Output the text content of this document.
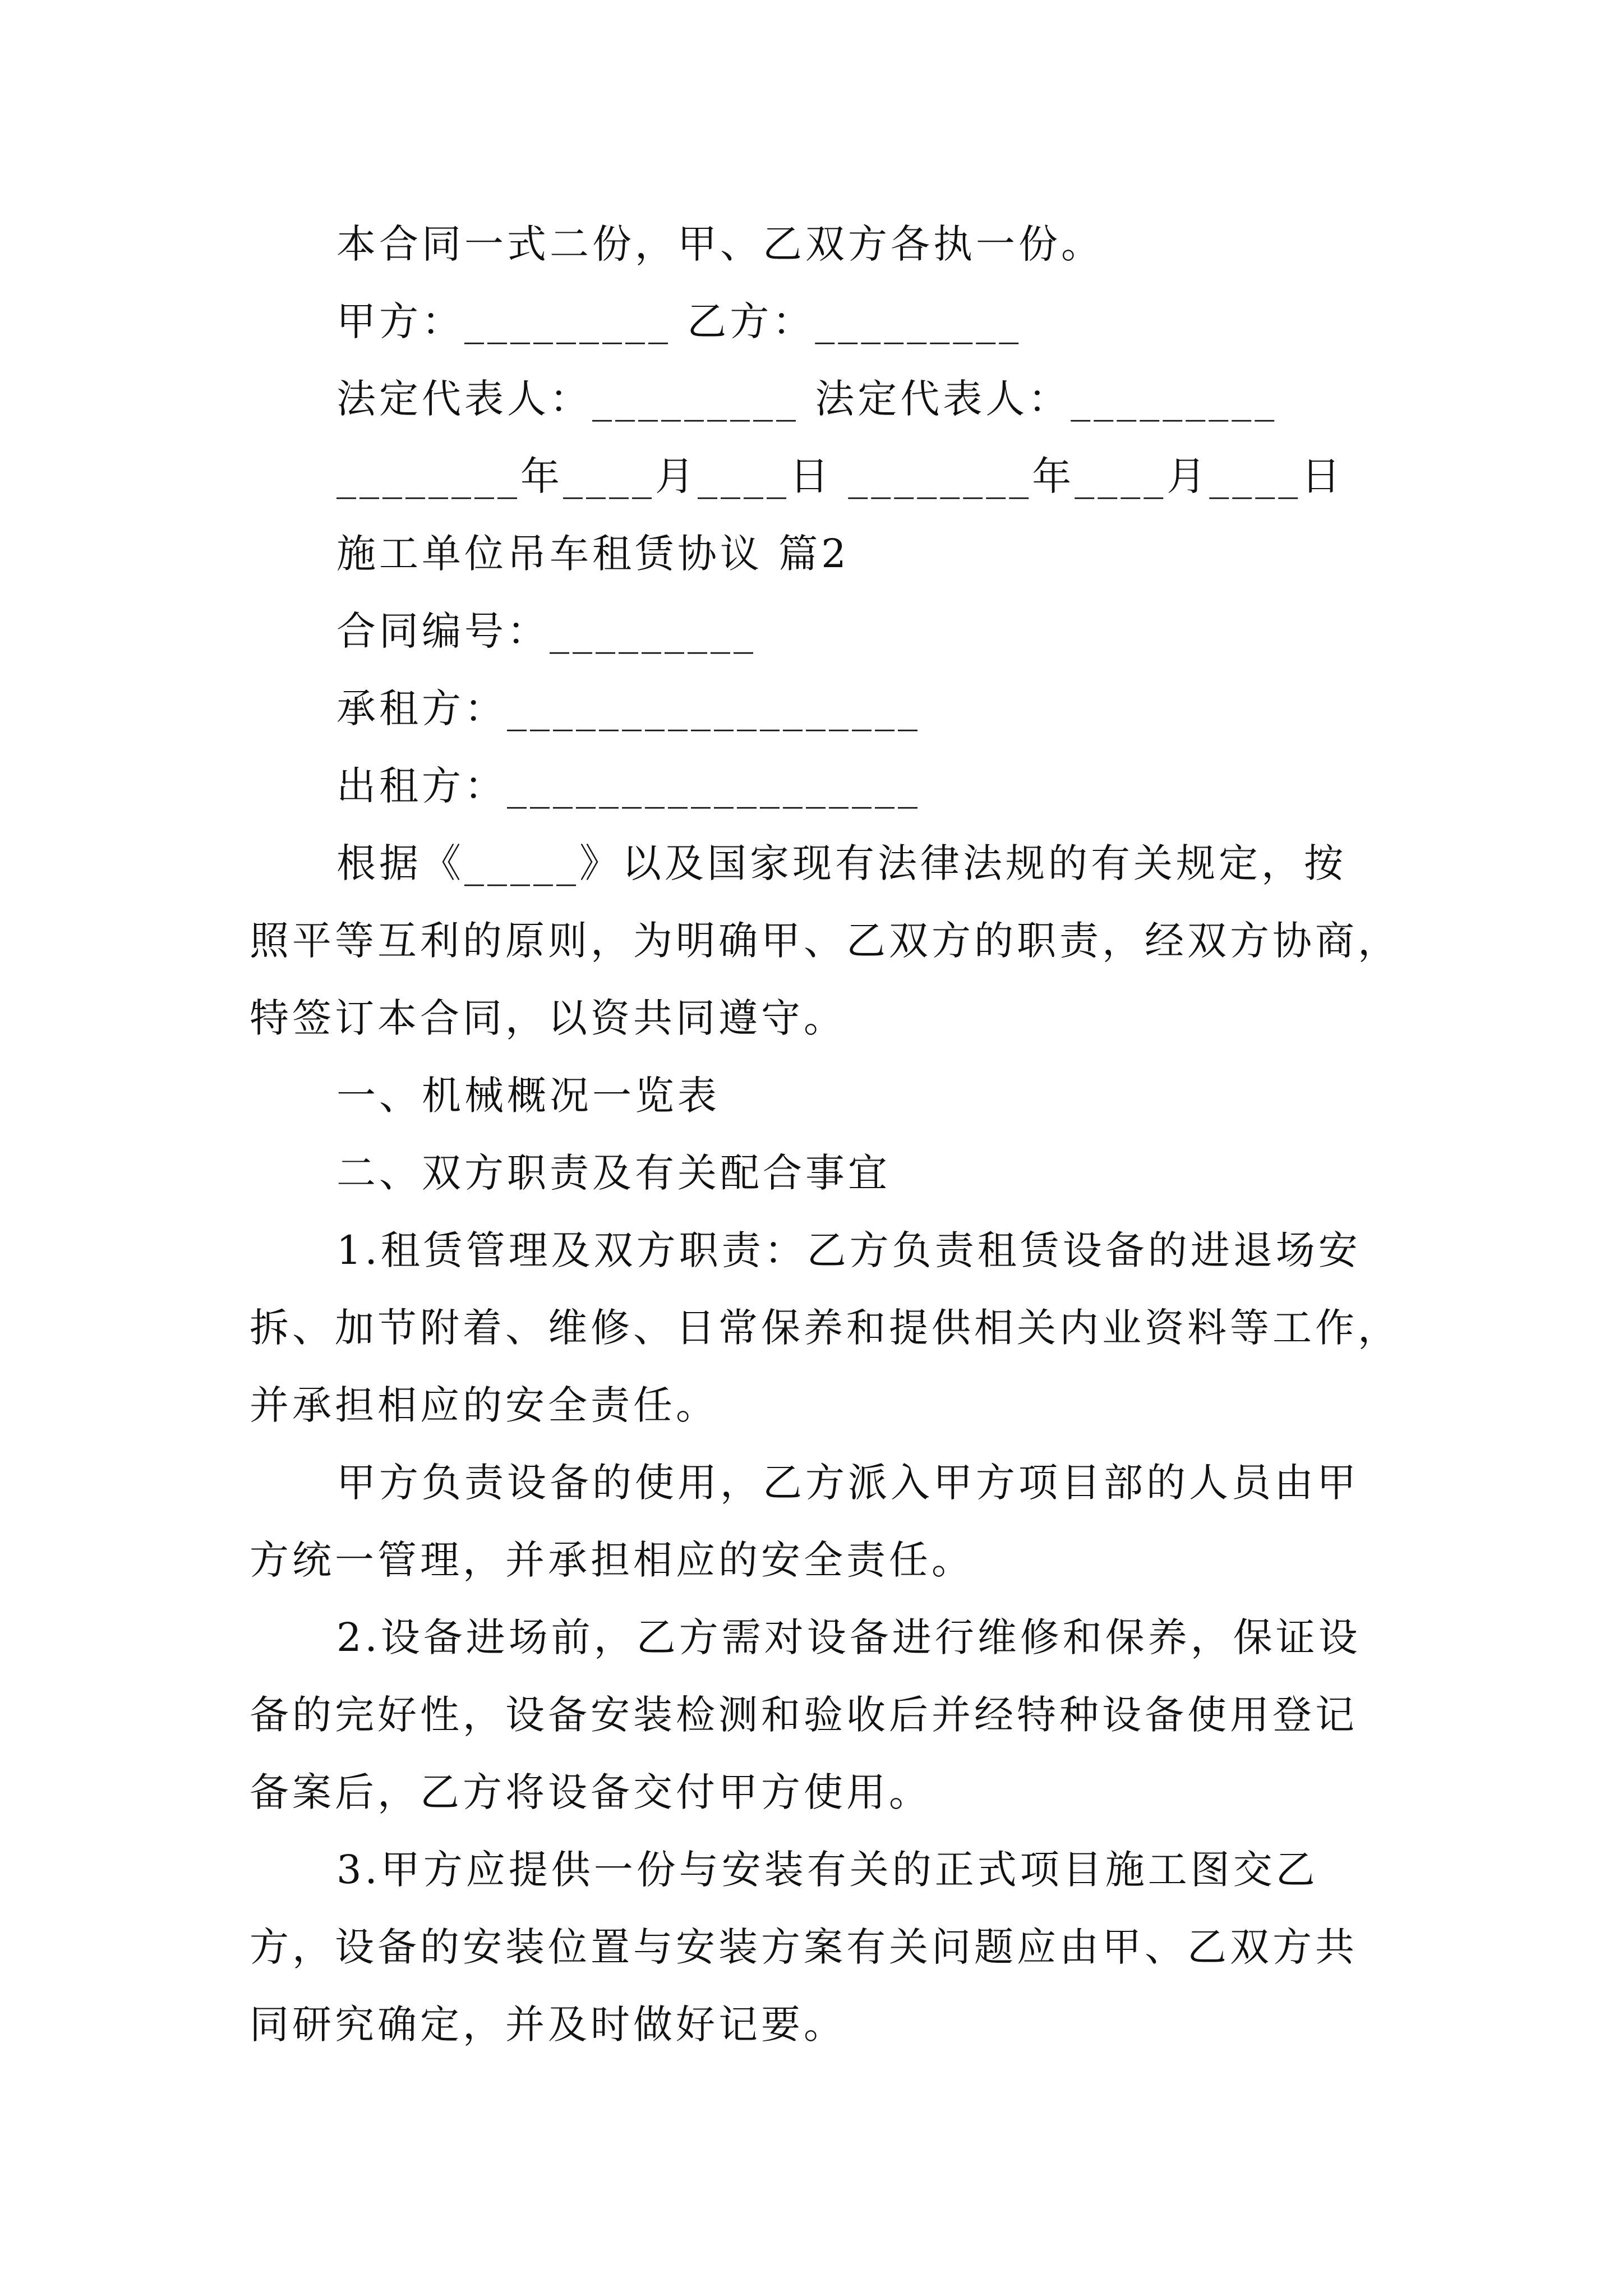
本合同一式二份，甲、乙双方各执一份。
甲方：_________ 乙方：_________
法定代表人：_________ 法定代表人：_________
________年____月____日 ________年____月____日
施工单位吊车租赁协议 篇2
合同编号：_________
承租方：__________________
出租方：__________________
根据《_____》以及国家现有法律法规的有关规定，按
照平等互利的原则，为明确甲、乙双方的职责，经双方协商，
特签订本合同，以资共同遵守。
一、机械概况一览表
二、双方职责及有关配合事宜
1.租赁管理及双方职责：乙方负责租赁设备的进退场安
拆、加节附着、维修、日常保养和提供相关内业资料等工作，
并承担相应的安全责任。
甲方负责设备的使用，乙方派入甲方项目部的人员由甲
方统一管理，并承担相应的安全责任。
2.设备进场前，乙方需对设备进行维修和保养，保证设
备的完好性，设备安装检测和验收后并经特种设备使用登记
备案后，乙方将设备交付甲方使用。
3.甲方应提供一份与安装有关的正式项目施工图交乙
方，设备的安装位置与安装方案有关问题应由甲、乙双方共
同研究确定，并及时做好记要。
